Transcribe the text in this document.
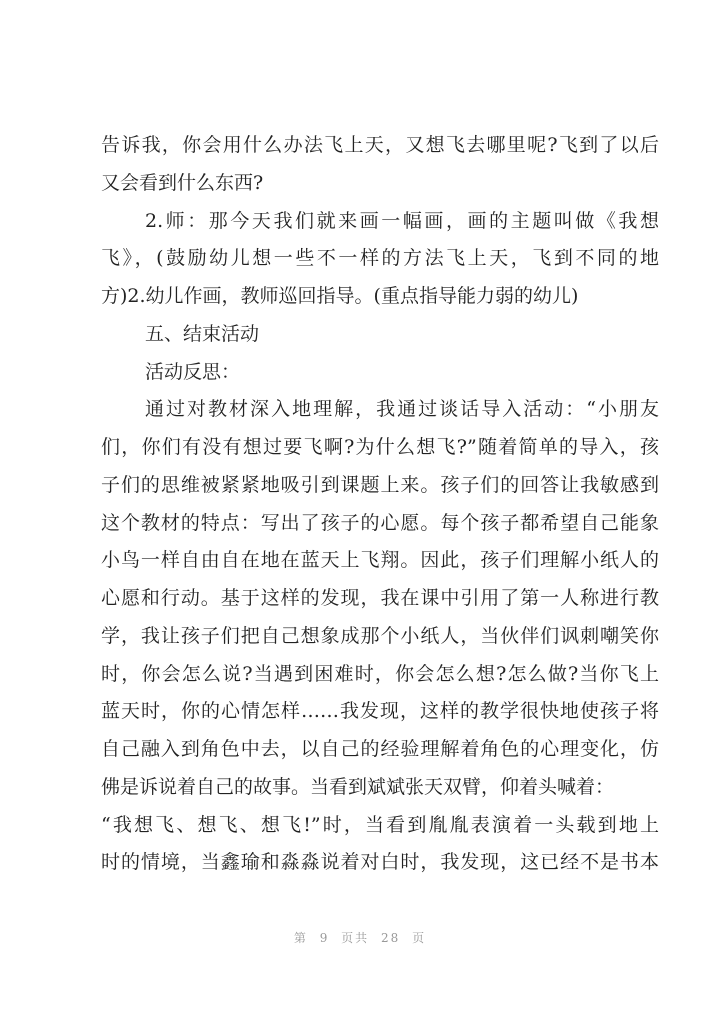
告诉我，你会用什么办法飞上天，又想飞去哪里呢?飞到了以后
又会看到什么东西?
2.师：那今天我们就来画一幅画，画的主题叫做《我想
飞》，(鼓励幼儿想一些不一样的方法飞上天，飞到不同的地
方)2.幼儿作画，教师巡回指导。(重点指导能力弱的幼儿)
五、结束活动
活动反思：
通过对教材深入地理解，我通过谈话导入活动：“小朋友
们，你们有没有想过要飞啊?为什么想飞?”随着简单的导入，孩
子们的思维被紧紧地吸引到课题上来。孩子们的回答让我敏感到
这个教材的特点：写出了孩子的心愿。每个孩子都希望自己能象
小鸟一样自由自在地在蓝天上飞翔。因此，孩子们理解小纸人的
心愿和行动。基于这样的发现，我在课中引用了第一人称进行教
学，我让孩子们把自己想象成那个小纸人，当伙伴们讽刺嘲笑你
时，你会怎么说?当遇到困难时，你会怎么想?怎么做?当你飞上
蓝天时，你的心情怎样……我发现，这样的教学很快地使孩子将
自己融入到角色中去，以自己的经验理解着角色的心理变化，仿
佛是诉说着自己的故事。当看到斌斌张天双臂，仰着头喊着：
“我想飞、想飞、想飞!”时，当看到胤胤表演着一头载到地上
时的情境，当鑫瑜和淼淼说着对白时，我发现，这已经不是书本
第 9 页共 28 页
